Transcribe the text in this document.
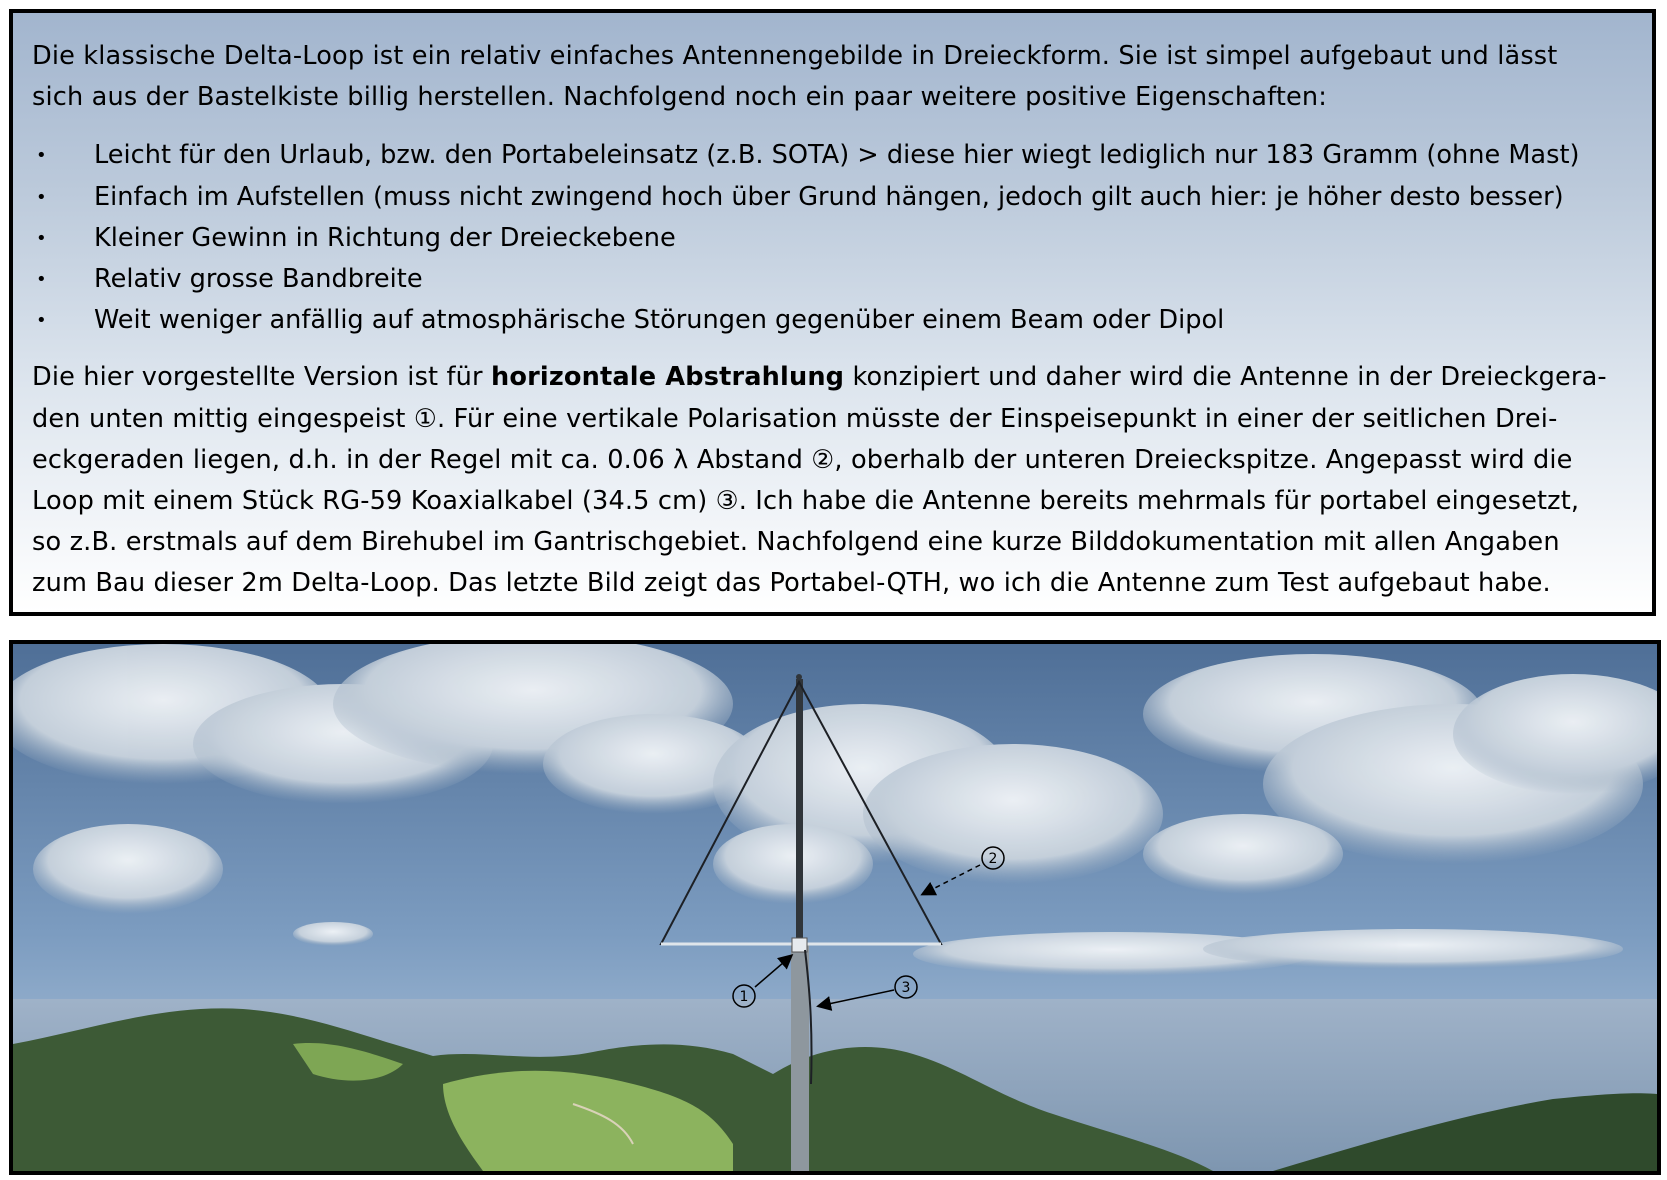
Die klassische Delta-Loop ist ein relativ einfaches Antennengebilde in Dreieckform. Sie ist simpel aufgebaut und lässt
sich aus der Bastelkiste billig herstellen. Nachfolgend noch ein paar weitere positive Eigenschaften:

• Leicht für den Urlaub, bzw. den Portabeleinsatz (z.B. SOTA) > diese hier wiegt lediglich nur 183 Gramm (ohne Mast)
• Einfach im Aufstellen (muss nicht zwingend hoch über Grund hängen, jedoch gilt auch hier: je höher desto besser)
• Kleiner Gewinn in Richtung der Dreieckebene
• Relativ grosse Bandbreite
• Weit weniger anfällig auf atmosphärische Störungen gegenüber einem Beam oder Dipol

Die hier vorgestellte Version ist für horizontale Abstrahlung konzipiert und daher wird die Antenne in der Dreieckgera-
den unten mittig eingespeist ①. Für eine vertikale Polarisation müsste der Einspeisepunkt in einer der seitlichen Drei-
eckgeraden liegen, d.h. in der Regel mit ca. 0.06 λ Abstand ②, oberhalb der unteren Dreieckspitze. Angepasst wird die
Loop mit einem Stück RG-59 Koaxialkabel (34.5 cm) ③. Ich habe die Antenne bereits mehrmals für portabel eingesetzt,
so z.B. erstmals auf dem Birehubel im Gantrischgebiet. Nachfolgend eine kurze Bilddokumentation mit allen Angaben
zum Bau dieser 2m Delta-Loop. Das letzte Bild zeigt das Portabel-QTH, wo ich die Antenne zum Test aufgebaut habe.

1
2
3
